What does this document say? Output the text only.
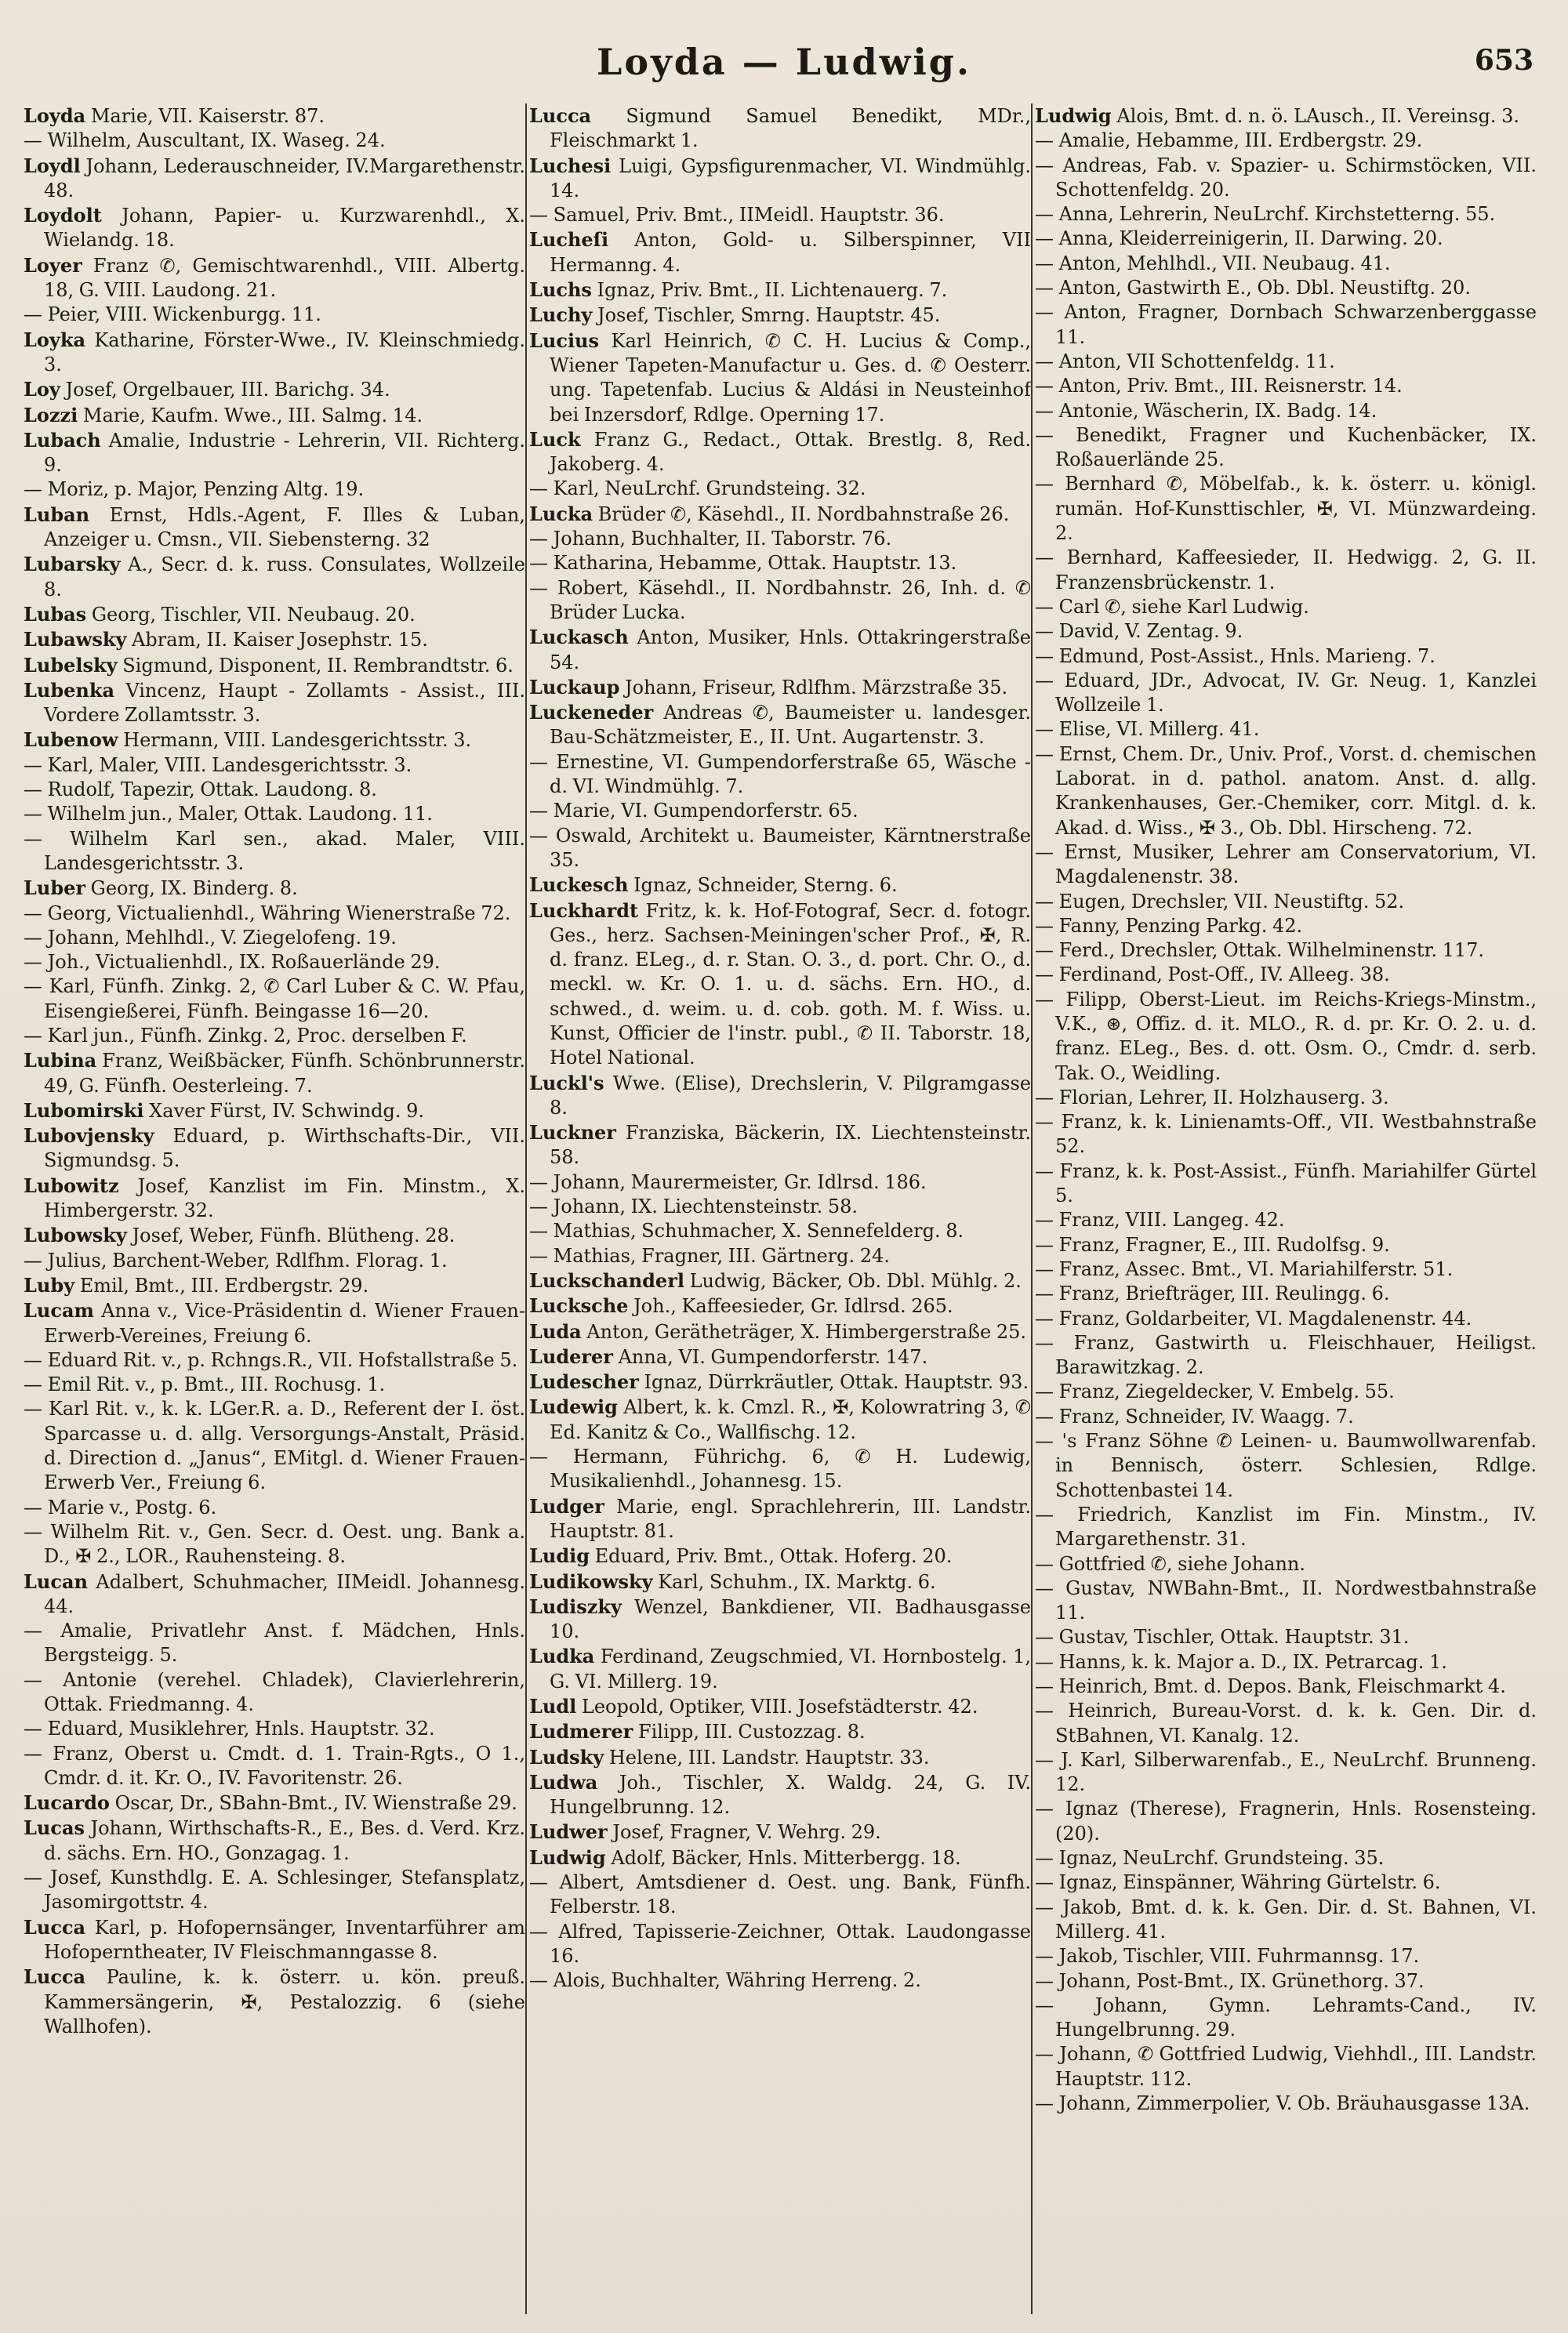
Loyda — Ludwig.	653
Loyda Marie, VII. Kaiserstr. 87.
— Wilhelm, Auscultant, IX. Waseg. 24.
Loydl Johann, Lederauschneider, IV.Margarethenstr. 48.
Loydolt Johann, Papier- u. Kurzwarenhdl., X. Wielandg. 18.
Loyer Franz ✆, Gemischtwarenhdl., VIII. Albertg. 18, G. VIII. Laudong. 21.
— Peier, VIII. Wickenburgg. 11.
Loyka Katharine, Förster-Wwe., IV. Kleinschmiedg. 3.
Loy Josef, Orgelbauer, III. Barichg. 34.
Lozzi Marie, Kaufm. Wwe., III. Salmg. 14.
Lubach Amalie, Industrie - Lehrerin, VII. Richterg. 9.
— Moriz, p. Major, Penzing Altg. 19.
Luban Ernst, Hdls.-Agent, F. Illes & Luban, Anzeiger u. Cmsn., VII. Siebensterng. 32
Lubarsky A., Secr. d. k. russ. Consulates, Wollzeile 8.
Lubas Georg, Tischler, VII. Neubaug. 20.
Lubawsky Abram, II. Kaiser Josephstr. 15.
Lubelsky Sigmund, Disponent, II. Rembrandtstr. 6.
Lubenka Vincenz, Haupt - Zollamts - Assist., III. Vordere Zollamtsstr. 3.
Lubenow Hermann, VIII. Landesgerichtsstr. 3.
— Karl, Maler, VIII. Landesgerichtsstr. 3.
— Rudolf, Tapezir, Ottak. Laudong. 8.
— Wilhelm jun., Maler, Ottak. Laudong. 11.
— Wilhelm Karl sen., akad. Maler, VIII. Landesgerichtsstr. 3.
Luber Georg, IX. Binderg. 8.
— Georg, Victualienhdl., Währing Wienerstraße 72.
— Johann, Mehlhdl., V. Ziegelofeng. 19.
— Joh., Victualienhdl., IX. Roßauerlände 29.
— Karl, Fünfh. Zinkg. 2, ✆ Carl Luber & C. W. Pfau, Eisengießerei, Fünfh. Beingasse 16—20.
— Karl jun., Fünfh. Zinkg. 2, Proc. derselben F.
Lubina Franz, Weißbäcker, Fünfh. Schönbrunnerstr. 49, G. Fünfh. Oesterleing. 7.
Lubomirski Xaver Fürst, IV. Schwindg. 9.
Lubovjensky Eduard, p. Wirthschafts-Dir., VII. Sigmundsg. 5.
Lubowitz Josef, Kanzlist im Fin. Minstm., X. Himbergerstr. 32.
Lubowsky Josef, Weber, Fünfh. Blüthеng. 28.
— Julius, Barchent-Weber, Rdlfhm. Florag. 1.
Luby Emil, Bmt., III. Erdbergstr. 29.
Lucam Anna v., Vice-Präsidentin d. Wiener Frauen-Erwerb-Vereines, Freiung 6.
— Eduard Rit. v., p. Rchngs.R., VII. Hofstallstraße 5.
— Emil Rit. v., p. Bmt., III. Rochusg. 1.
— Karl Rit. v., k. k. LGer.R. a. D., Referent der I. öst. Sparcasse u. d. allg. Versorgungs-Anstalt, Präsid. d. Direction d. „Janus“, EMitgl. d. Wiener Frauen-Erwerb Ver., Freiung 6.
— Marie v., Postg. 6.
— Wilhelm Rit. v., Gen. Secr. d. Oest. ung. Bank a. D., ✠ 2., LOR., Rauhensteing. 8.
Lucan Adalbert, Schuhmacher, IIMeidl. Johannesg. 44.
— Amalie, Privatlehr Anst. f. Mädchen, Hnls. Bergsteigg. 5.
— Antonie (verehel. Chladek), Clavierlehrerin, Ottak. Friedmanng. 4.
— Eduard, Musiklehrer, Hnls. Hauptstr. 32.
— Franz, Oberst u. Cmdt. d. 1. Train-Rgts., O 1., Cmdr. d. it. Kr. O., IV. Favoritenstr. 26.
Lucardo Oscar, Dr., SBahn-Bmt., IV. Wienstraße 29.
Lucas Johann, Wirthschafts-R., E., Bes. d. Verd. Krz. d. sächs. Ern. HO., Gonzagag. 1.
— Josef, Kunsthdlg. E. A. Schlesinger, Stefansplatz, Jasomirgottstr. 4.
Lucca Karl, p. Hofopernsänger, Inventarführer am Hofoperntheater, IV Fleischmanngasse 8.
Lucca Pauline, k. k. österr. u. kön. preuß. Kammersängerin, ✠, Pestalozzig. 6 (siehe Wallhofen).
Lucca Sigmund Samuel Benedikt, MDr., Fleischmarkt 1.
Luchesi Luigi, Gypsfigurenmacher, VI. Windmühlg. 14.
— Samuel, Priv. Bmt., IIMeidl. Hauptstr. 36.
Lucheſi Anton, Gold- u. Silberspinner, VII Hermanng. 4.
Luchs Ignaz, Priv. Bmt., II. Lichtenauerg. 7.
Luchy Josef, Tischler, Smrng. Hauptstr. 45.
Lucius Karl Heinrich, ✆ C. H. Lucius & Comp., Wiener Tapeten-Manufactur u. Ges. d. ✆ Oesterr. ung. Tapetenfab. Lucius & Aldási in Neusteinhof bei Inzersdorf, Rdlge. Operning 17.
Luck Franz G., Redact., Ottak. Brestlg. 8, Red. Jakoberg. 4.
— Karl, NeuLrchf. Grundsteing. 32.
Lucka Brüder ✆, Käsehdl., II. Nordbahnstraße 26.
— Johann, Buchhalter, II. Taborstr. 76.
— Katharina, Hebamme, Ottak. Hauptstr. 13.
— Robert, Käsehdl., II. Nordbahnstr. 26, Inh. d. ✆ Brüder Lucka.
Luckasch Anton, Musiker, Hnls. Ottakringerstraße 54.
Luckaup Johann, Friseur, Rdlfhm. Märzstraße 35.
Luckeneder Andreas ✆, Baumeister u. landesger. Bau-Schätzmeister, E., II. Unt. Augartenstr. 3.
— Ernestine, VI. Gumpendorferstraße 65, Wäsche - d. VI. Windmühlg. 7.
— Marie, VI. Gumpendorferstr. 65.
— Oswald, Architekt u. Baumeister, Kärntnerstraße 35.
Luckesch Ignaz, Schneider, Sterng. 6.
Luckhardt Fritz, k. k. Hof-Fotograf, Secr. d. fotogr. Ges., herz. Sachsen-Meiningen'scher Prof., ✠, R. d. franz. ELeg., d. r. Stan. O. 3., d. port. Chr. O., d. meckl. w. Kr. O. 1. u. d. sächs. Ern. HO., d. schwed., d. weim. u. d. cob. goth. M. f. Wiss. u. Kunst, Officier de l'instr. publ., ✆ II. Taborstr. 18, Hotel National.
Luckl's Wwe. (Elise), Drechslerin, V. Pilgramgasse 8.
Luckner Franziska, Bäckerin, IX. Liechtensteinstr. 58.
— Johann, Maurermeister, Gr. Idlrsd. 186.
— Johann, IX. Liechtensteinstr. 58.
— Mathias, Schuhmacher, X. Sennefelderg. 8.
— Mathias, Fragner, III. Gärtnerg. 24.
Luckschanderl Ludwig, Bäcker, Ob. Dbl. Mühlg. 2.
Lucksche Joh., Kaffeesieder, Gr. Idlrsd. 265.
Luda Anton, Gerätheträger, X. Himbergerstraße 25.
Luderer Anna, VI. Gumpendorferstr. 147.
Ludescher Ignaz, Dürrkräutler, Ottak. Hauptstr. 93.
Ludewig Albert, k. k. Cmzl. R., ✠, Kolowratring 3, ✆ Ed. Kanitz & Co., Wallfischg. 12.
— Hermann, Führichg. 6, ✆ H. Ludewig, Musikalienhdl., Johannesg. 15.
Ludger Marie, engl. Sprachlehrerin, III. Landstr. Hauptstr. 81.
Ludig Eduard, Priv. Bmt., Ottak. Hoferg. 20.
Ludikowsky Karl, Schuhm., IX. Marktg. 6.
Ludiszky Wenzel, Bankdiener, VII. Badhausgasse 10.
Ludka Ferdinand, Zeugschmied, VI. Hornbostelg. 1, G. VI. Millerg. 19.
Ludl Leopold, Optiker, VIII. Josefstädterstr. 42.
Ludmerer Filipp, III. Custozzag. 8.
Ludsky Helene, III. Landstr. Hauptstr. 33.
Ludwa Joh., Tischler, X. Waldg. 24, G. IV. Hungelbrunng. 12.
Ludwer Josef, Fragner, V. Wehrg. 29.
Ludwig Adolf, Bäcker, Hnls. Mitterbergg. 18.
— Albert, Amtsdiener d. Oest. ung. Bank, Fünfh. Felberstr. 18.
— Alfred, Tapisserie-Zeichner, Ottak. Laudongasse 16.
— Alois, Buchhalter, Währing Herreng. 2.
Ludwig Alois, Bmt. d. n. ö. LAusch., II. Vereinsg. 3.
— Amalie, Hebamme, III. Erdbergstr. 29.
— Andreas, Fab. v. Spazier- u. Schirmstöcken, VII. Schottenfeldg. 20.
— Anna, Lehrerin, NeuLrchf. Kirchstetterng. 55.
— Anna, Kleiderreinigerin, II. Darwing. 20.
— Anton, Mehlhdl., VII. Neubaug. 41.
— Anton, Gastwirth E., Ob. Dbl. Neustiftg. 20.
— Anton, Fragner, Dornbach Schwarzenberggasse 11.
— Anton, VII Schottenfeldg. 11.
— Anton, Priv. Bmt., III. Reisnerstr. 14.
— Antonie, Wäscherin, IX. Badg. 14.
— Benedikt, Fragner und Kuchenbäcker, IX. Roßauerlände 25.
— Bernhard ✆, Möbelfab., k. k. österr. u. königl. rumän. Hof-Kunsttischler, ✠, VI. Münzwardeing. 2.
— Bernhard, Kaffeesieder, II. Hedwigg. 2, G. II. Franzensbrückenstr. 1.
— Carl ✆, siehe Karl Ludwig.
— David, V. Zentag. 9.
— Edmund, Post-Assist., Hnls. Marieng. 7.
— Eduard, JDr., Advocat, IV. Gr. Neug. 1, Kanzlei Wollzeile 1.
— Elise, VI. Millerg. 41.
— Ernst, Chem. Dr., Univ. Prof., Vorst. d. chemischen Laborat. in d. pathol. anatom. Anst. d. allg. Krankenhauses, Ger.-Chemiker, corr. Mitgl. d. k. Akad. d. Wiss., ✠ 3., Ob. Dbl. Hirscheng. 72.
— Ernst, Musiker, Lehrer am Conservatorium, VI. Magdalenenstr. 38.
— Eugen, Drechsler, VII. Neustiftg. 52.
— Fanny, Penzing Parkg. 42.
— Ferd., Drechsler, Ottak. Wilhelminenstr. 117.
— Ferdinand, Post-Off., IV. Alleeg. 38.
— Filipp, Oberst-Lieut. im Reichs-Kriegs-Minstm., V.K., ⊛, Offiz. d. it. MLO., R. d. pr. Kr. O. 2. u. d. franz. ELeg., Bes. d. ott. Osm. O., Cmdr. d. serb. Tak. O., Weidling.
— Florian, Lehrer, II. Holzhauserg. 3.
— Franz, k. k. Linienamts-Off., VII. Westbahnstraße 52.
— Franz, k. k. Post-Assist., Fünfh. Mariahilfer Gürtel 5.
— Franz, VIII. Langeg. 42.
— Franz, Fragner, E., III. Rudolfsg. 9.
— Franz, Assec. Bmt., VI. Mariahilferstr. 51.
— Franz, Briefträger, III. Reulingg. 6.
— Franz, Goldarbeiter, VI. Magdalenenstr. 44.
— Franz, Gastwirth u. Fleischhauer, Heiligst. Barawitzkag. 2.
— Franz, Ziegeldecker, V. Embelg. 55.
— Franz, Schneider, IV. Waagg. 7.
— 's Franz Söhne ✆ Leinen- u. Baumwollwarenfab. in Bennisch, österr. Schlesien, Rdlge. Schottenbastei 14.
— Friedrich, Kanzlist im Fin. Minstm., IV. Margarethenstr. 31.
— Gottfried ✆, siehe Johann.
— Gustav, NWBahn-Bmt., II. Nordwestbahnstraße 11.
— Gustav, Tischler, Ottak. Hauptstr. 31.
— Hanns, k. k. Major a. D., IX. Petrarcag. 1.
— Heinrich, Bmt. d. Depos. Bank, Fleischmarkt 4.
— Heinrich, Bureau-Vorst. d. k. k. Gen. Dir. d. StBahnen, VI. Kanalg. 12.
— J. Karl, Silberwarenfab., E., NeuLrchf. Brunneng. 12.
— Ignaz (Therese), Fragnerin, Hnls. Rosensteing. (20).
— Ignaz, NeuLrchf. Grundsteing. 35.
— Ignaz, Einspänner, Währing Gürtelstr. 6.
— Jakob, Bmt. d. k. k. Gen. Dir. d. St. Bahnen, VI. Millerg. 41.
— Jakob, Tischler, VIII. Fuhrmannsg. 17.
— Johann, Post-Bmt., IX. Grünethorg. 37.
— Johann, Gymn. Lehramts-Cand., IV. Hungelbrunng. 29.
— Johann, ✆ Gottfried Ludwig, Viehhdl., III. Landstr. Hauptstr. 112.
— Johann, Zimmerpolier, V. Ob. Bräuhausgasse 13A.
